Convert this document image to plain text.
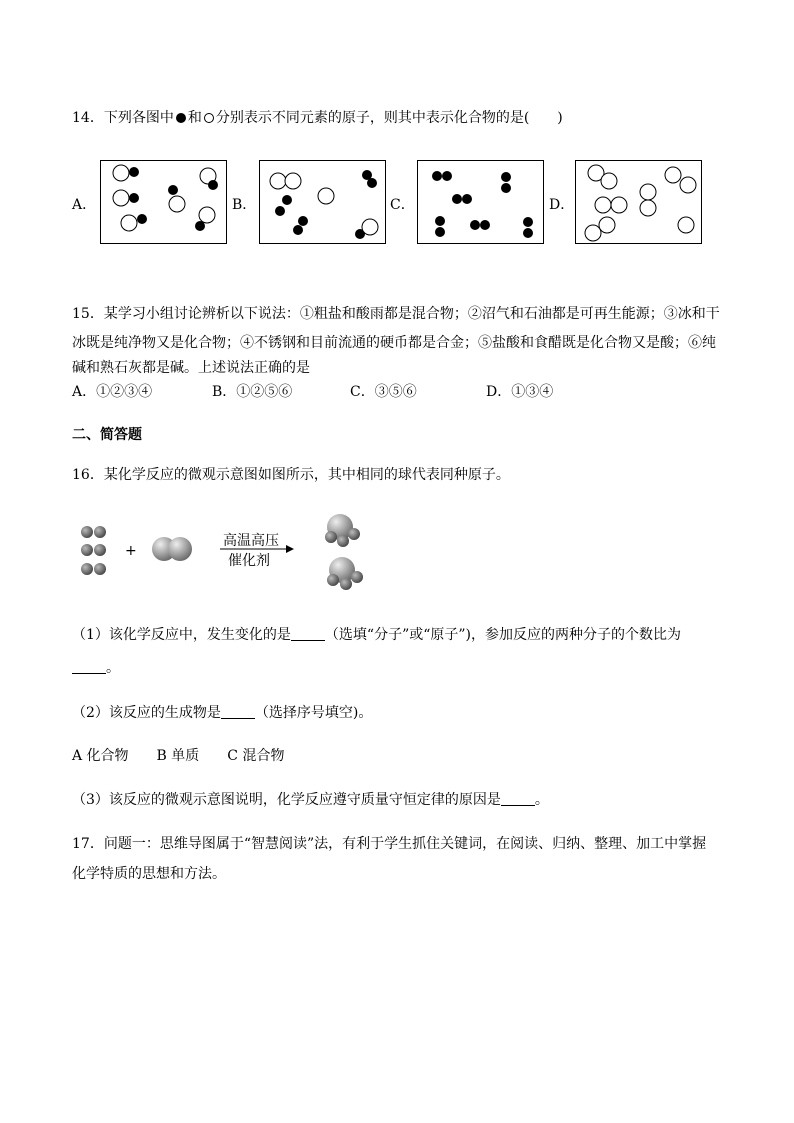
14．下列各图中 和 分别表示不同元素的原子，则其中表示化合物的是(　　)
A．	B．	C．	D．
15．某学习小组讨论辨析以下说法：①粗盐和酸雨都是混合物；②沼气和石油都是可再生能源；③冰和干
冰既是纯净物又是化合物；④不锈钢和目前流通的硬币都是合金；⑤盐酸和食醋既是化合物又是酸；⑥纯
碱和熟石灰都是碱。上述说法正确的是
A．①②③④	B．①②⑤⑥	C．③⑤⑥	D．①③④
二、简答题
16．某化学反应的微观示意图如图所示，其中相同的球代表同种原子。
+
高温高压
催化剂
（1）该化学反应中，发生变化的是 （选填“分子”或“原子”)，参加反应的两种分子的个数比为
。
（2）该反应的生成物是 （选择序号填空)。
A 化合物　　B 单质　　C 混合物
（3）该反应的微观示意图说明，化学反应遵守质量守恒定律的原因是 。
17．问题一：思维导图属于“智慧阅读”法，有利于学生抓住关键词，在阅读、归纳、整理、加工中掌握
化学特质的思想和方法。
